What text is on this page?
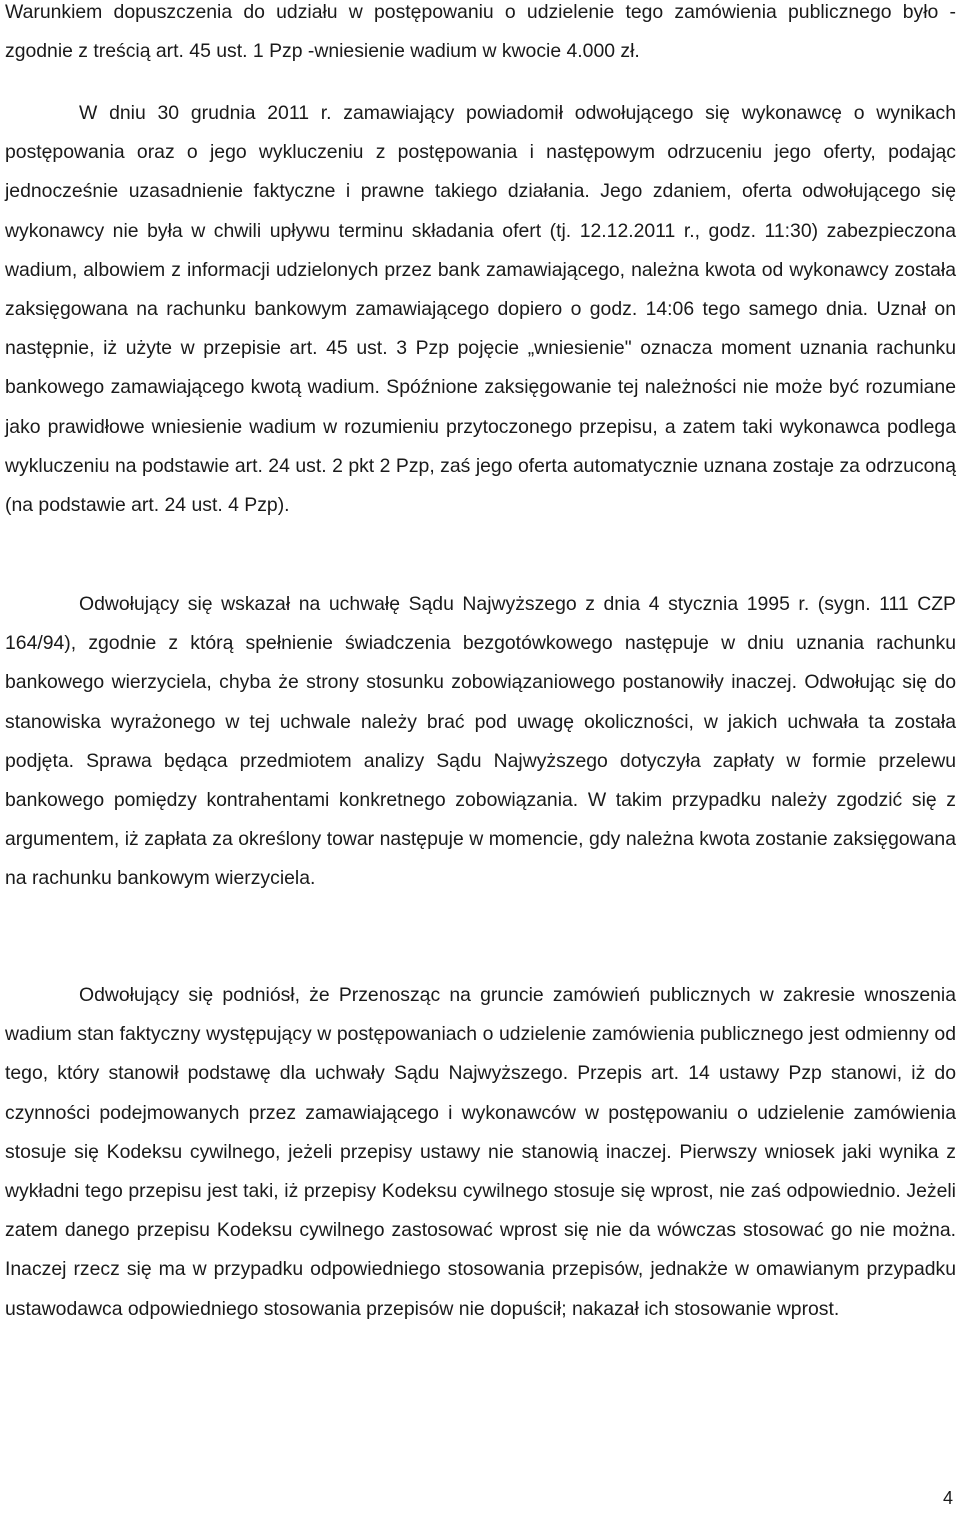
Warunkiem dopuszczenia do udziału w postępowaniu o udzielenie tego zamówienia publicznego było - zgodnie z treścią art. 45 ust. 1 Pzp -wniesienie wadium w kwocie 4.000 zł.

W dniu 30 grudnia 2011 r. zamawiający powiadomił odwołującego się wykonawcę o wynikach postępowania oraz o jego wykluczeniu z postępowania i następowym odrzuceniu jego oferty, podając jednocześnie uzasadnienie faktyczne i prawne takiego działania. Jego zdaniem, oferta odwołującego się wykonawcy nie była w chwili upływu terminu składania ofert (tj. 12.12.2011 r., godz. 11:30) zabezpieczona wadium, albowiem z informacji udzielonych przez bank zamawiającego, należna kwota od wykonawcy została zaksięgowana na rachunku bankowym zamawiającego dopiero o godz. 14:06 tego samego dnia. Uznał on następnie, iż użyte w przepisie art. 45 ust. 3 Pzp pojęcie „wniesienie" oznacza moment uznania rachunku bankowego zamawiającego kwotą wadium. Spóźnione zaksięgowanie tej należności nie może być rozumiane jako prawidłowe wniesienie wadium w rozumieniu przytoczonego przepisu, a zatem taki wykonawca podlega wykluczeniu na podstawie art. 24 ust. 2 pkt 2 Pzp, zaś jego oferta automatycznie uznana zostaje za odrzuconą (na podstawie art. 24 ust. 4 Pzp).

Odwołujący się wskazał na uchwałę Sądu Najwyższego z dnia 4 stycznia 1995 r. (sygn. 111 CZP 164/94), zgodnie z którą spełnienie świadczenia bezgotówkowego następuje w dniu uznania rachunku bankowego wierzyciela, chyba że strony stosunku zobowiązaniowego postanowiły inaczej. Odwołując się do stanowiska wyrażonego w tej uchwale należy brać pod uwagę okoliczności, w jakich uchwała ta została podjęta. Sprawa będąca przedmiotem analizy Sądu Najwyższego dotyczyła zapłaty w formie przelewu bankowego pomiędzy kontrahentami konkretnego zobowiązania. W takim przypadku należy zgodzić się z argumentem, iż zapłata za określony towar następuje w momencie, gdy należna kwota zostanie zaksięgowana na rachunku bankowym wierzyciela.

Odwołujący się podniósł, że Przenosząc na gruncie zamówień publicznych w zakresie wnoszenia wadium stan faktyczny występujący w postępowaniach o udzielenie zamówienia publicznego jest odmienny od tego, który stanowił podstawę dla uchwały Sądu Najwyższego. Przepis art. 14 ustawy Pzp stanowi, iż do czynności podejmowanych przez zamawiającego i wykonawców w postępowaniu o udzielenie zamówienia stosuje się Kodeksu cywilnego, jeżeli przepisy ustawy nie stanowią inaczej. Pierwszy wniosek jaki wynika z wykładni tego przepisu jest taki, iż przepisy Kodeksu cywilnego stosuje się wprost, nie zaś odpowiednio. Jeżeli zatem danego przepisu Kodeksu cywilnego zastosować wprost się nie da wówczas stosować go nie można. Inaczej rzecz się ma w przypadku odpowiedniego stosowania przepisów, jednakże w omawianym przypadku ustawodawca odpowiedniego stosowania przepisów nie dopuścił; nakazał ich stosowanie wprost.

4
